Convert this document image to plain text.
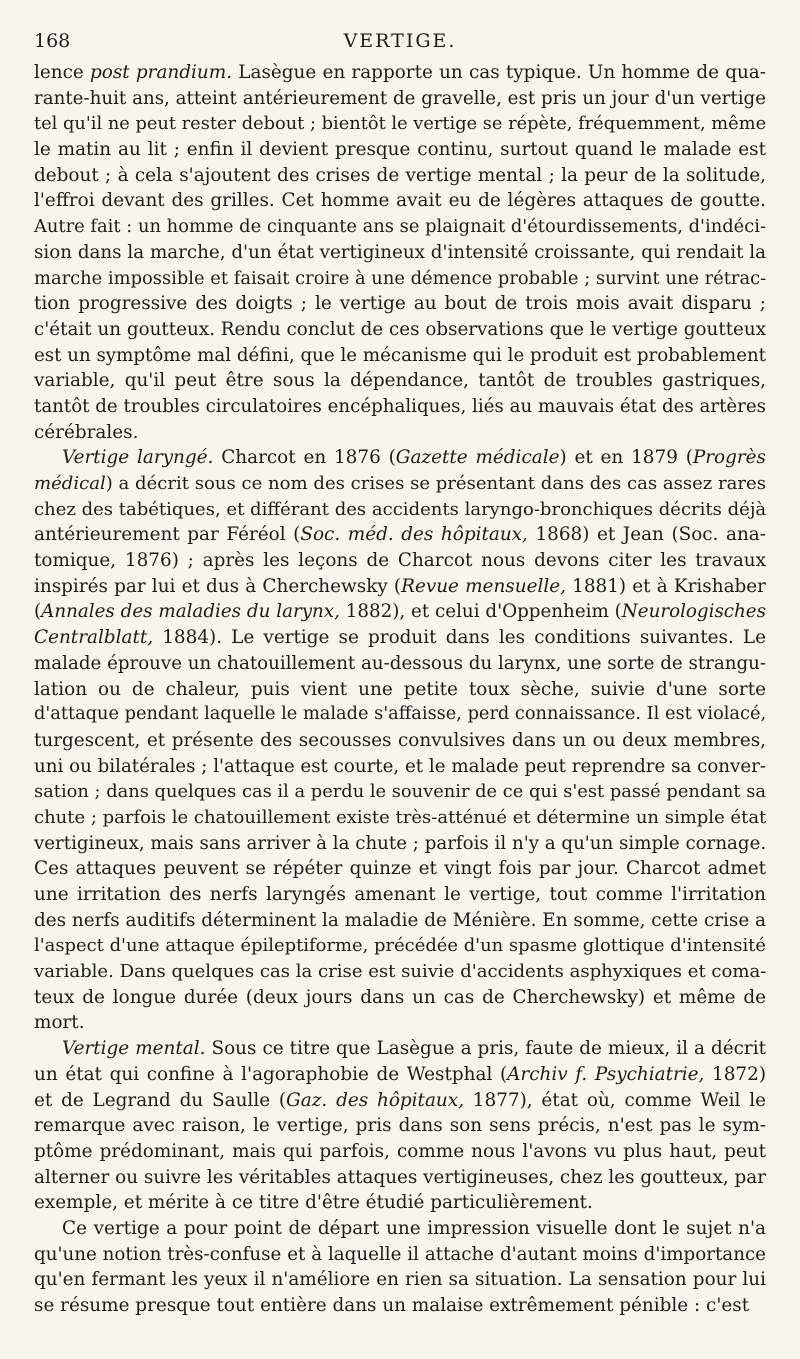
168	VERTIGE.
lence post prandium. Lasègue en rapporte un cas typique. Un homme de qua-
rante-huit ans, atteint antérieurement de gravelle, est pris un jour d'un vertige
tel qu'il ne peut rester debout ; bientôt le vertige se répète, fréquemment, même
le matin au lit ; enfin il devient presque continu, surtout quand le malade est
debout ; à cela s'ajoutent des crises de vertige mental ; la peur de la solitude,
l'effroi devant des grilles. Cet homme avait eu de légères attaques de goutte.
Autre fait : un homme de cinquante ans se plaignait d'étourdissements, d'indéci-
sion dans la marche, d'un état vertigineux d'intensité croissante, qui rendait la
marche impossible et faisait croire à une démence probable ; survint une rétrac-
tion progressive des doigts ; le vertige au bout de trois mois avait disparu ;
c'était un goutteux. Rendu conclut de ces observations que le vertige goutteux
est un symptôme mal défini, que le mécanisme qui le produit est probablement
variable, qu'il peut être sous la dépendance, tantôt de troubles gastriques,
tantôt de troubles circulatoires encéphaliques, liés au mauvais état des artères
cérébrales.
Vertige laryngé. Charcot en 1876 (Gazette médicale) et en 1879 (Progrès
médical) a décrit sous ce nom des crises se présentant dans des cas assez rares
chez des tabétiques, et différant des accidents laryngo-bronchiques décrits déjà
antérieurement par Féréol (Soc. méd. des hôpitaux, 1868) et Jean (Soc. ana-
tomique, 1876) ; après les leçons de Charcot nous devons citer les travaux
inspirés par lui et dus à Cherchewsky (Revue mensuelle, 1881) et à Krishaber
(Annales des maladies du larynx, 1882), et celui d'Oppenheim (Neurologisches
Centralblatt, 1884). Le vertige se produit dans les conditions suivantes. Le
malade éprouve un chatouillement au-dessous du larynx, une sorte de strangu-
lation ou de chaleur, puis vient une petite toux sèche, suivie d'une sorte
d'attaque pendant laquelle le malade s'affaisse, perd connaissance. Il est violacé,
turgescent, et présente des secousses convulsives dans un ou deux membres,
uni ou bilatérales ; l'attaque est courte, et le malade peut reprendre sa conver-
sation ; dans quelques cas il a perdu le souvenir de ce qui s'est passé pendant sa
chute ; parfois le chatouillement existe très-atténué et détermine un simple état
vertigineux, mais sans arriver à la chute ; parfois il n'y a qu'un simple cornage.
Ces attaques peuvent se répéter quinze et vingt fois par jour. Charcot admet
une irritation des nerfs laryngés amenant le vertige, tout comme l'irritation
des nerfs auditifs déterminent la maladie de Ménière. En somme, cette crise a
l'aspect d'une attaque épileptiforme, précédée d'un spasme glottique d'intensité
variable. Dans quelques cas la crise est suivie d'accidents asphyxiques et coma-
teux de longue durée (deux jours dans un cas de Cherchewsky) et même de
mort.
Vertige mental. Sous ce titre que Lasègue a pris, faute de mieux, il a décrit
un état qui confine à l'agoraphobie de Westphal (Archiv f. Psychiatrie, 1872)
et de Legrand du Saulle (Gaz. des hôpitaux, 1877), état où, comme Weil le
remarque avec raison, le vertige, pris dans son sens précis, n'est pas le sym-
ptôme prédominant, mais qui parfois, comme nous l'avons vu plus haut, peut
alterner ou suivre les véritables attaques vertigineuses, chez les goutteux, par
exemple, et mérite à ce titre d'être étudié particulièrement.
Ce vertige a pour point de départ une impression visuelle dont le sujet n'a
qu'une notion très-confuse et à laquelle il attache d'autant moins d'importance
qu'en fermant les yeux il n'améliore en rien sa situation. La sensation pour lui
se résume presque tout entière dans un malaise extrêmement pénible : c'est
